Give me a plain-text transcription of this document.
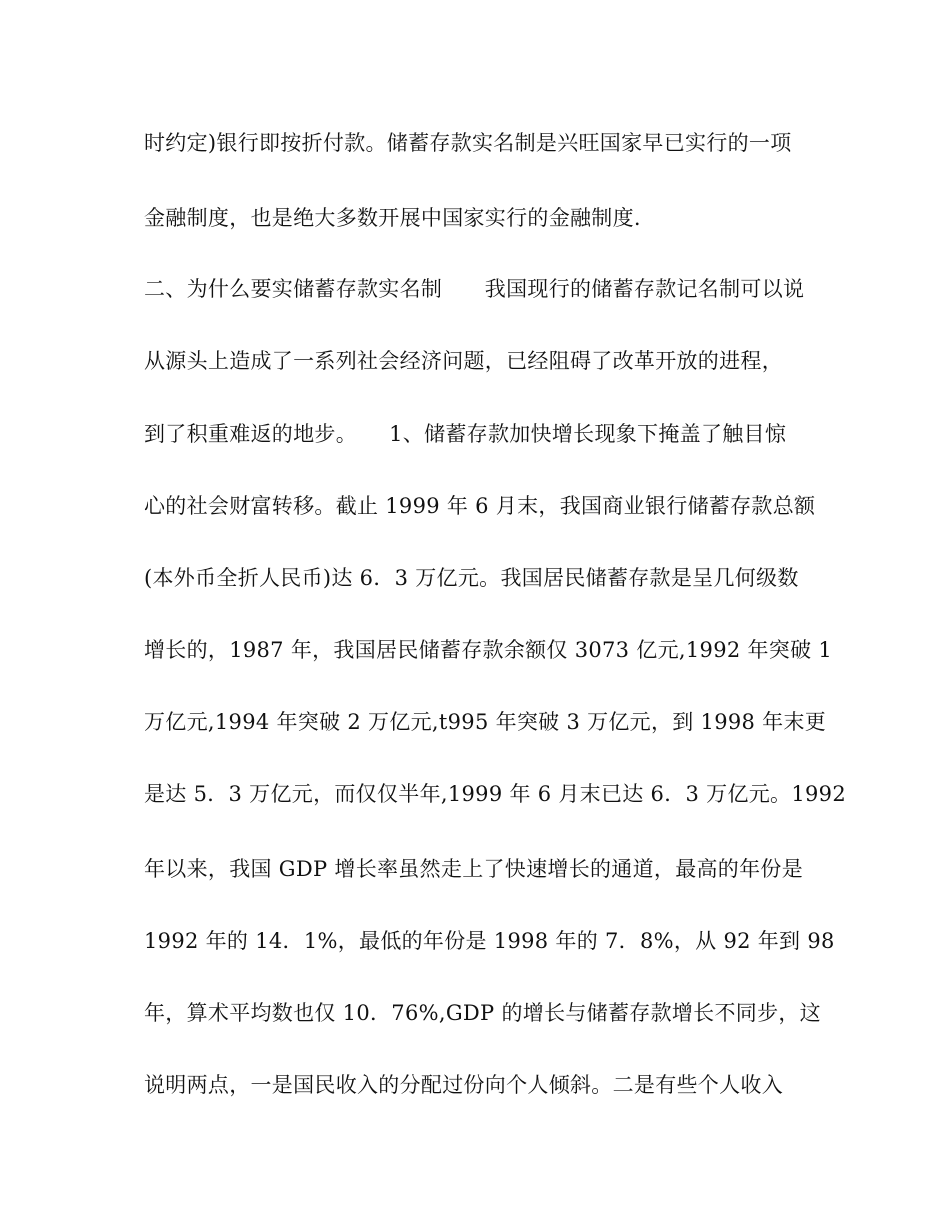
时约定)银行即按折付款。储蓄存款实名制是兴旺国家早已实行的一项
金融制度，也是绝大多数开展中国家实行的金融制度.
二、为什么要实储蓄存款实名制　　我国现行的储蓄存款记名制可以说
从源头上造成了一系列社会经济问题，已经阻碍了改革开放的进程，
到了积重难返的地步。　　1、储蓄存款加快增长现象下掩盖了触目惊
心的社会财富转移。截止 1999 年 6 月末，我国商业银行储蓄存款总额
(本外币全折人民币)达 6．3 万亿元。我国居民储蓄存款是呈几何级数
增长的，1987 年，我国居民储蓄存款余额仅 3073 亿元,1992 年突破 1
万亿元,1994 年突破 2 万亿元,t995 年突破 3 万亿元，到 1998 年末更
是达 5．3 万亿元，而仅仅半年,1999 年 6 月末已达 6．3 万亿元。1992
年以来，我国 GDP 增长率虽然走上了快速增长的通道，最高的年份是
1992 年的 14．1%，最低的年份是 1998 年的 7．8%，从 92 年到 98
年，算术平均数也仅 10．76%,GDP 的增长与储蓄存款增长不同步，这
说明两点，一是国民收入的分配过份向个人倾斜。二是有些个人收入
